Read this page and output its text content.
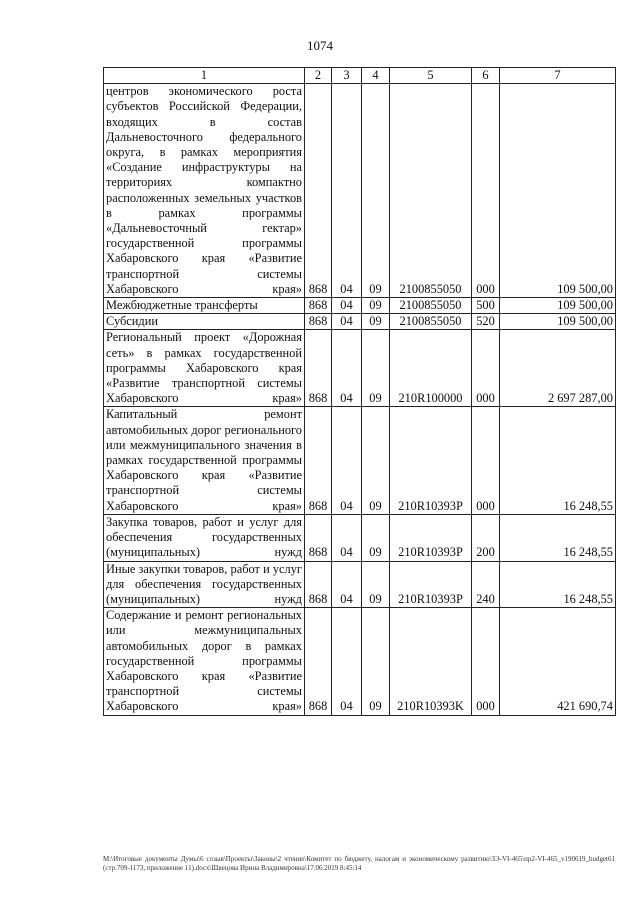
1074
1	2	3	4	5	6	7
центров экономического роста субъектов Российской Федерации, входящих в состав Дальневосточного федерального округа, в рамках мероприятия «Создание инфраструктуры на территориях компактно расположенных земельных участков в рамках программы «Дальневосточный гектар» государственной программы Хабаровского края «Развитие транспортной системы Хабаровского края»	868	04	09	2100855050	000	109 500,00
Межбюджетные трансферты	868	04	09	2100855050	500	109 500,00
Субсидии	868	04	09	2100855050	520	109 500,00
Региональный проект «Дорожная сеть» в рамках государственной программы Хабаровского края «Развитие транспортной системы Хабаровского края»	868	04	09	210R100000	000	2 697 287,00
Капитальный ремонт автомобильных дорог регионального или межмуниципального значения в рамках государственной программы Хабаровского края «Развитие транспортной системы Хабаровского края»	868	04	09	210R10393P	000	16 248,55
Закупка товаров, работ и услуг для обеспечения государственных (муниципальных) нужд	868	04	09	210R10393P	200	16 248,55
Иные закупки товаров, работ и услуг для обеспечения государственных (муниципальных) нужд	868	04	09	210R10393P	240	16 248,55
Содержание и ремонт региональных или межмуниципальных автомобильных дорог в рамках государственной программы Хабаровского края «Развитие транспортной системы Хабаровского края»	868	04	09	210R10393K	000	421 690,74
M:\Итоговые документы Думы\6 созыв\Проекты\Законы\2 чтение\Комитет по бюджету, налогам и экономическому развитию\ЗЭ-VI-465\пр2-VI-465_v190619_budget61 (стр.709-1173, приложение 11).docx\Швецова Ирина Владимировна\17.06.2019 8:45:14
